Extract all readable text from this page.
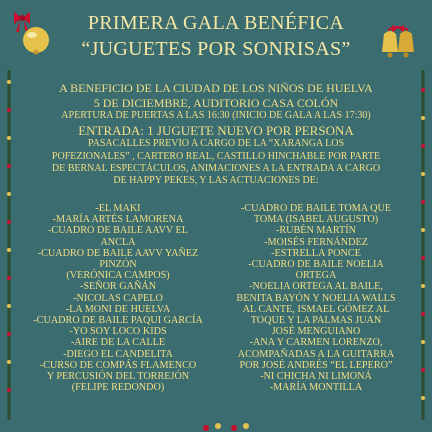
PRIMERA GALA BENÉFICA
“JUGUETES POR SONRISAS”
A BENEFICIO DE LA CIUDAD DE LOS NIÑOS DE HUELVA
5 DE DICIEMBRE, AUDITORIO CASA COLÓN
APERTURA DE PUERTAS A LAS 16:30 (INICIO DE GALA A LAS 17:30)
ENTRADA: 1 JUGUETE NUEVO POR PERSONA
PASACALLES PREVIO A CARGO DE LA “XARANGA LOS
POFEZIONALES” , CARTERO REAL, CASTILLO HINCHABLE POR PARTE
DE BERNAL ESPECTÁCULOS, ANIMACIONES A LA ENTRADA A CARGO
DE HAPPY PEKES, Y LAS ACTUACIONES DE:
-EL MAKI
-MARÍA ARTÉS LAMORENA
-CUADRO DE BAILE AAVV EL
ANCLA
-CUADRO DE BAILE AAVV YAÑEZ
PINZÓN
(VERÓNICA CAMPOS)
-SEÑOR GAÑÁN
-NICOLAS CAPELO
-LA MONI DE HUELVA
-CUADRO DE BAILE PAQUI GARCÍA
-YO SOY LOCO KIDS
-AIRE DE LA CALLE
-DIEGO EL CANDELITA
-CURSO DE COMPÁS FLAMENCO
Y PERCUSIÓN DEL TORREJÓN
(FELIPE REDONDO)
-CUADRO DE BAILE TOMA QUE
TOMA (ISABEL AUGUSTO)
-RUBÉN MARTÍN
-MOISÉS FERNÁNDEZ
-ESTRELLA PONCE
-CUADRO DE BAILE NOELIA
ORTEGA
-NOELIA ORTEGA AL BAILE,
BENITA BAYÓN Y NOELIA WALLS
AL CANTE, ISMAEL GÓMEZ AL
TOQUE Y LA PALMAS JUAN
JOSÉ MENGUIANO
-ANA Y CARMEN LORENZO,
ACOMPAÑADAS A LA GUITARRA
POR JOSÉ ANDRÉS “EL LEPERO”
-NI CHICHA NI LIMONÁ
-MARÍA MONTILLA
